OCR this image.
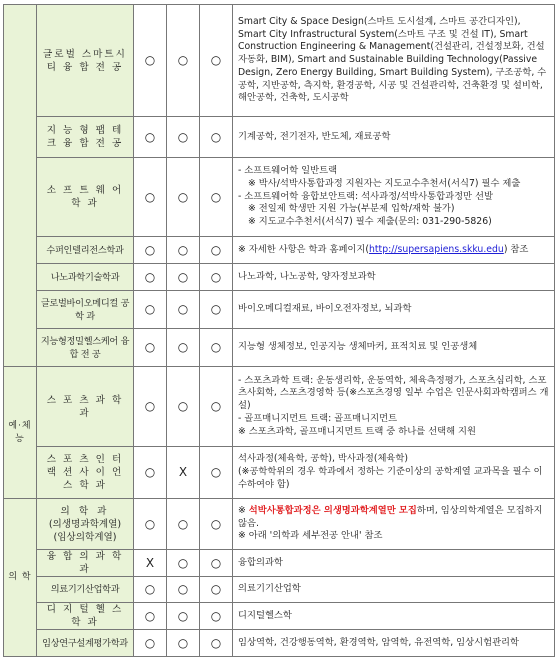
	글로벌 스마트시티 융 합 전 공	○	○	○	Smart City & Space Design(스마트 도시설계, 스마트 공간디자인), Smart City Infrastructural System(스마트 구조 및 건설 IT), Smart Construction Engineering & Management(건설관리, 건설정보화, 건설자동화, BIM), Smart and Sustainable Building Technology(Passive Design, Zero Energy Building, Smart Building System), 구조공학, 수공학, 지반공학, 측지학, 환경공학, 시공 및 건설관리학, 건축환경 및 설비학, 해안공학, 건축학, 도시공학
	지 능 형 팹 테 크 융 합 전 공	○	○	○	기계공학, 전기전자, 반도체, 재료공학
	소 프 트 웨 어 학 과	○	○	○	- 소프트웨어학 일반트랙
※ 박사/석박사통합과정 지원자는 지도교수추천서(서식7) 필수 제출
- 소프트웨어학 융합보안트랙: 석사과정/석박사통합과정만 선발
※ 전일제 학생만 지원 가능(부분제 입학/재학 불가)
※ 지도교수추천서(서식7) 필수 제출(문의: 031-290-5826)

	수퍼인텔리전스학과	○	○	○	※ 자세한 사항은 학과 홈페이지(http://supersapiens.skku.edu) 참조
	나노과학기술학과	○	○	○	나노과학, 나노공학, 양자정보과학
	글로벌바이오메디컬 공 학 과	○	○	○	바이오메디컬재료, 바이오전자정보, 뇌과학
	지능형정밀헬스케어 융 합 전 공	○	○	○	지능형 생체정보, 인공지능 생체마커, 표적치료 및 인공생체
예·체능	스 포 츠 과 학 과	○	○	○	- 스포츠과학 트랙: 운동생리학, 운동역학, 체육측정평가, 스포츠심리학, 스포츠사회학, 스포츠경영학 등(※스포츠경영 일부 수업은 인문사회과학캠퍼스 개설)
- 골프매니지먼트 트랙: 골프매니지먼트
※ 스포츠과학, 골프매니지먼트 트랙 중 하나를 선택해 지원

	스 포 츠 인 터 랙 션 사 이 언 스 학 과	○	X	○	석사과정(체육학, 공학), 박사과정(체육학)
(※공학학위의 경우 학과에서 정하는 기준이상의 공학계열 교과목을 필수 이수하여야 함)

의 학	의 학 과
(의생명과학계열)
(임상의학계열)	○	○	○	※ 석박사통합과정은 의생명과학계열만 모집하며, 임상의학계열은 모집하지 않음.
※ 아래 '의학과 세부전공 안내' 참조

	융 합 의 과 학 과	X	○	○	융합의과학
	의료기기산업학과	○	○	○	의료기기산업학
	디 지 털 헬 스 학 과	○	○	○	디지털헬스학
	임상연구설계평가학과	○	○	○	임상역학, 건강행동역학, 환경역학, 암역학, 유전역학, 임상시험관리학
